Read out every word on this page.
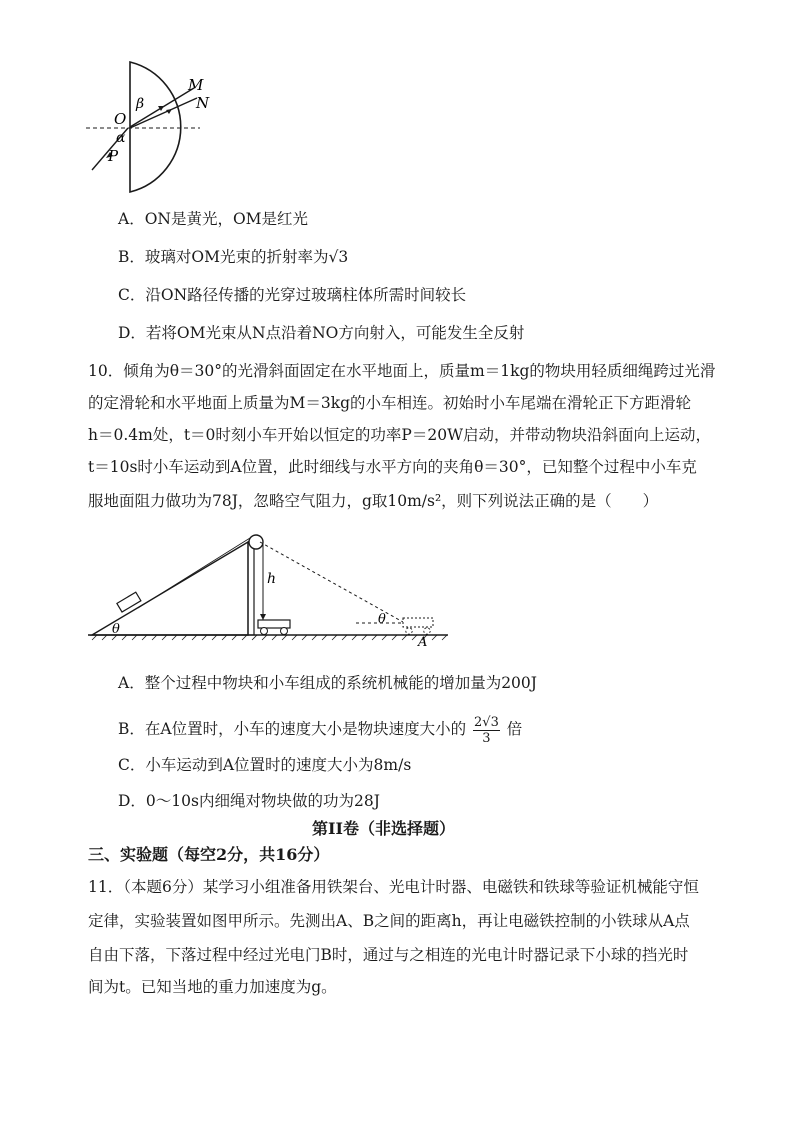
M
N
O
β
α
P
A．ON是黄光，OM是红光
B．玻璃对OM光束的折射率为√3
C．沿ON路径传播的光穿过玻璃柱体所需时间较长
D．若将OM光束从N点沿着NO方向射入，可能发生全反射
10．倾角为θ＝30°的光滑斜面固定在水平地面上，质量m＝1kg的物块用轻质细绳跨过光滑
的定滑轮和水平地面上质量为M＝3kg的小车相连。初始时小车尾端在滑轮正下方距滑轮
h＝0.4m处，t＝0时刻小车开始以恒定的功率P＝20W启动，并带动物块沿斜面向上运动，
t＝10s时小车运动到A位置，此时细线与水平方向的夹角θ＝30°，已知整个过程中小车克
服地面阻力做功为78J，忽略空气阻力，g取10m/s²，则下列说法正确的是（　　）
h
θ
θ
A
A．整个过程中物块和小车组成的系统机械能的增加量为200J
B．在A位置时，小车的速度大小是物块速度大小的 $\frac{2√3}{3}$ 倍
C．小车运动到A位置时的速度大小为8m/s
D．0～10s内细绳对物块做的功为28J
第II卷（非选择题）
三、实验题（每空2分，共16分）
11．（本题6分）某学习小组准备用铁架台、光电计时器、电磁铁和铁球等验证机械能守恒
定律，实验装置如图甲所示。先测出A、B之间的距离h，再让电磁铁控制的小铁球从A点
自由下落，下落过程中经过光电门B时，通过与之相连的光电计时器记录下小球的挡光时
间为t。已知当地的重力加速度为g。
